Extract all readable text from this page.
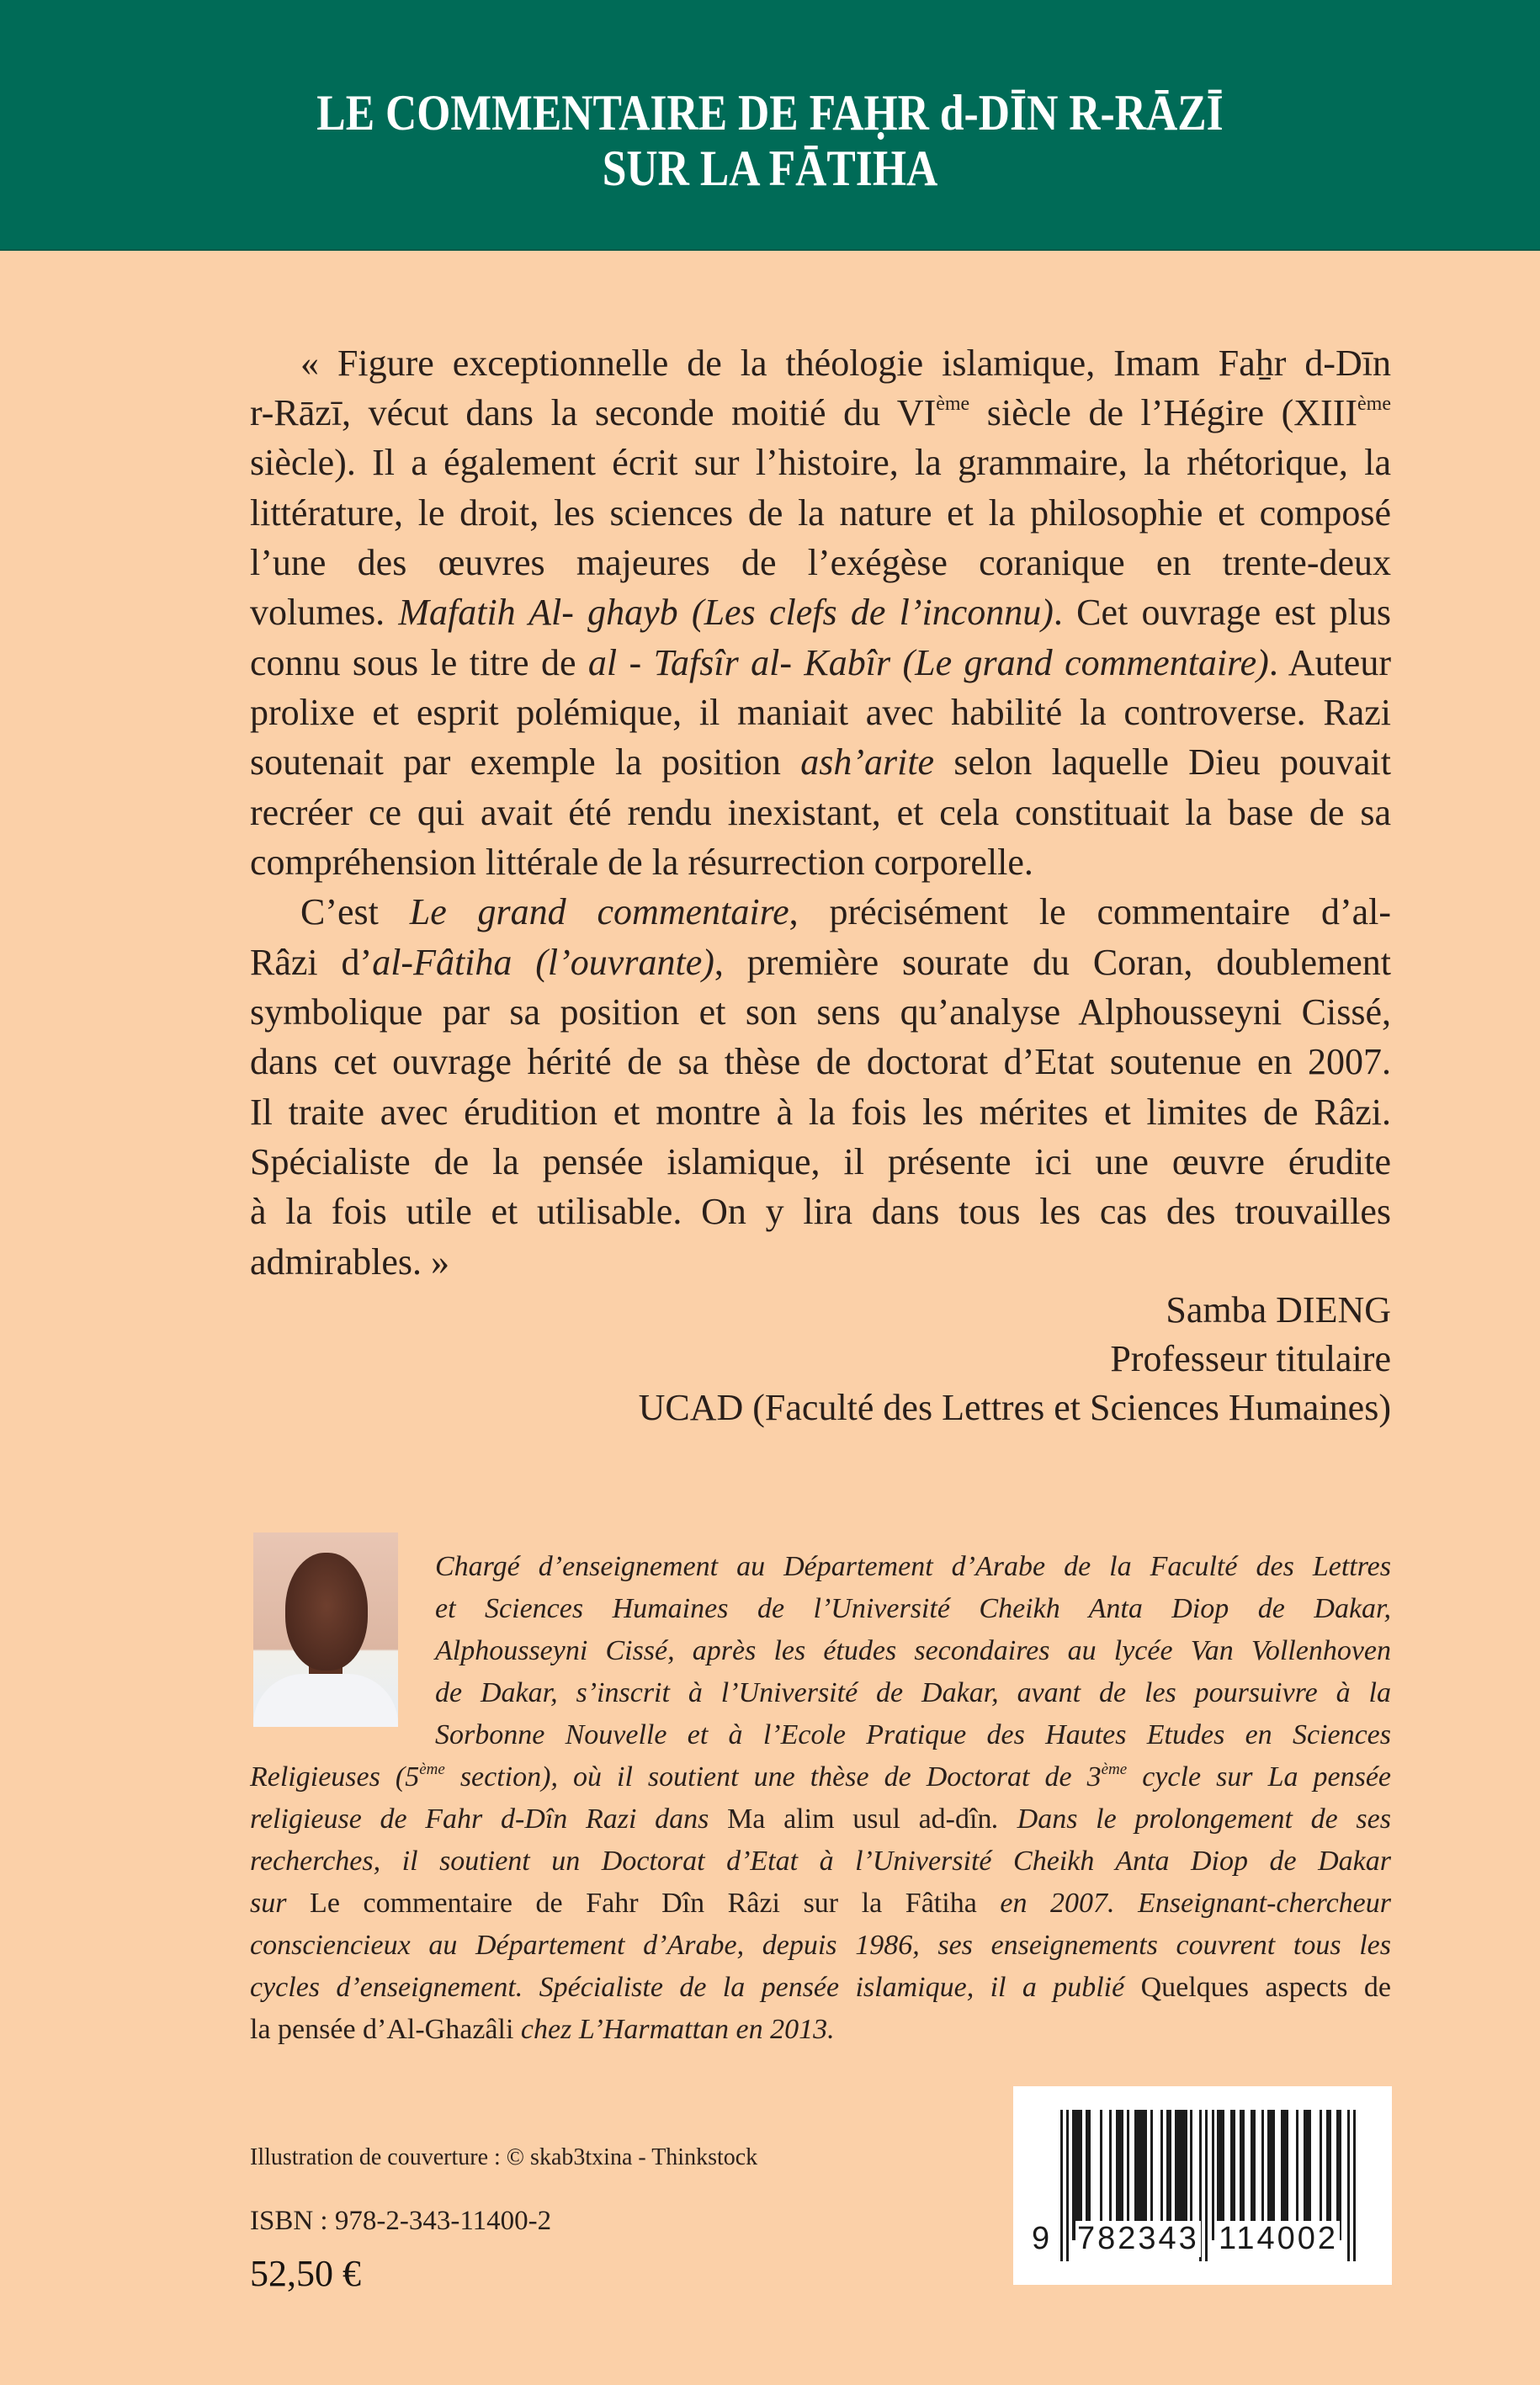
LE COMMENTAIRE DE FAḤR d-DĪN R-RĀZĪ
SUR LA FĀTIHA
« Figure exceptionnelle de la théologie islamique, Imam Faẖr d-Dīn
r-Rāzī, vécut dans la seconde moitié du VIème siècle de l’Hégire (XIIIème
siècle). Il a également écrit sur l’histoire, la grammaire, la rhétorique, la
littérature, le droit, les sciences de la nature et la philosophie et composé
l’une des œuvres majeures de l’exégèse coranique en trente-deux
volumes. Mafatih Al- ghayb (Les clefs de l’inconnu). Cet ouvrage est plus
connu sous le titre de al - Tafsîr al- Kabîr (Le grand commentaire). Auteur
prolixe et esprit polémique, il maniait avec habilité la controverse. Razi
soutenait par exemple la position ash’arite selon laquelle Dieu pouvait
recréer ce qui avait été rendu inexistant, et cela constituait la base de sa
compréhension littérale de la résurrection corporelle.
C’est Le grand commentaire, précisément le commentaire d’al-
Râzi d’al-Fâtiha (l’ouvrante), première sourate du Coran, doublement
symbolique par sa position et son sens qu’analyse Alphousseyni Cissé,
dans cet ouvrage hérité de sa thèse de doctorat d’Etat soutenue en 2007.
Il traite avec érudition et montre à la fois les mérites et limites de Râzi.
Spécialiste de la pensée islamique, il présente ici une œuvre érudite
à la fois utile et utilisable. On y lira dans tous les cas des trouvailles
admirables. »
Samba DIENG
Professeur titulaire
UCAD (Faculté des Lettres et Sciences Humaines)
Chargé d’enseignement au Département d’Arabe de la Faculté des Lettres
et Sciences Humaines de l’Université Cheikh Anta Diop de Dakar,
Alphousseyni Cissé, après les études secondaires au lycée Van Vollenhoven
de Dakar, s’inscrit à l’Université de Dakar, avant de les poursuivre à la
Sorbonne Nouvelle et à l’Ecole Pratique des Hautes Etudes en Sciences
Religieuses (5ème section), où il soutient une thèse de Doctorat de 3ème cycle sur La pensée
religieuse de Fahr d-Dîn Razi dans Ma alim usul ad-dîn. Dans le prolongement de ses
recherches, il soutient un Doctorat d’Etat à l’Université Cheikh Anta Diop de Dakar
sur Le commentaire de Fahr Dîn Râzi sur la Fâtiha en 2007. Enseignant-chercheur
consciencieux au Département d’Arabe, depuis 1986, ses enseignements couvrent tous les
cycles d’enseignement. Spécialiste de la pensée islamique, il a publié Quelques aspects de
la pensée d’Al-Ghazâli chez L’Harmattan en 2013.
Illustration de couverture : © skab3txina - Thinkstock
ISBN : 978-2-343-11400-2
52,50 €
9 782343 114002
